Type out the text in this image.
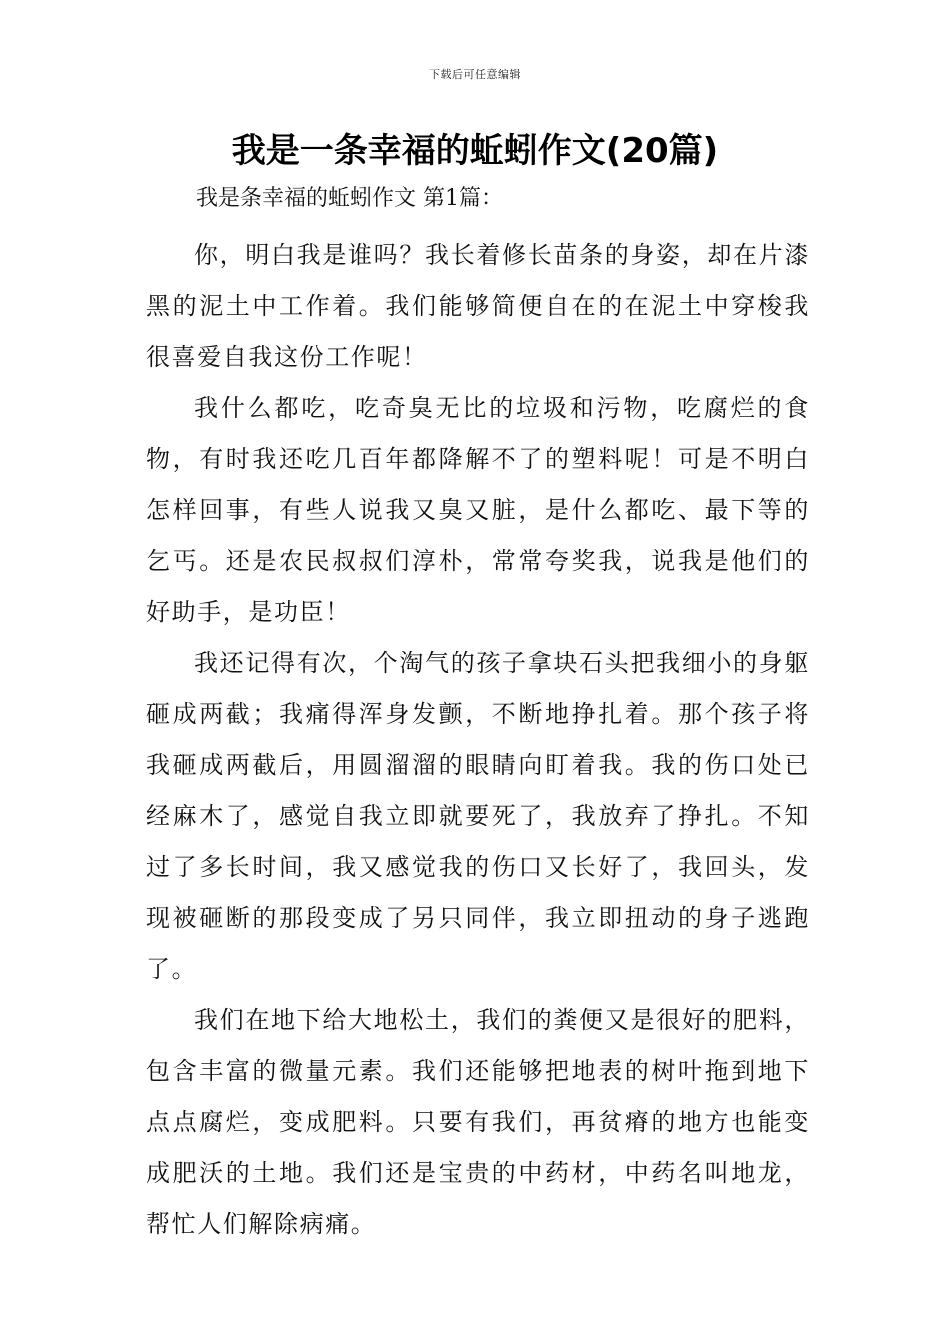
下载后可任意编辑
我是一条幸福的蚯蚓作文(20篇)

我是条幸福的蚯蚓作文 第1篇：

你，明白我是谁吗？我长着修长苗条的身姿，却在片漆黑的泥土中工作着。我们能够简便自在的在泥土中穿梭我很喜爱自我这份工作呢！

我什么都吃，吃奇臭无比的垃圾和污物，吃腐烂的食物，有时我还吃几百年都降解不了的塑料呢！可是不明白怎样回事，有些人说我又臭又脏，是什么都吃、最下等的乞丐。还是农民叔叔们淳朴，常常夸奖我，说我是他们的好助手，是功臣！

我还记得有次，个淘气的孩子拿块石头把我细小的身躯砸成两截；我痛得浑身发颤，不断地挣扎着。那个孩子将我砸成两截后，用圆溜溜的眼睛向盯着我。我的伤口处已经麻木了，感觉自我立即就要死了，我放弃了挣扎。不知过了多长时间，我又感觉我的伤口又长好了，我回头，发现被砸断的那段变成了另只同伴，我立即扭动的身子逃跑了。

我们在地下给大地松土，我们的粪便又是很好的肥料，包含丰富的微量元素。我们还能够把地表的树叶拖到地下点点腐烂，变成肥料。只要有我们，再贫瘠的地方也能变成肥沃的土地。我们还是宝贵的中药材，中药名叫地龙，帮忙人们解除病痛。
